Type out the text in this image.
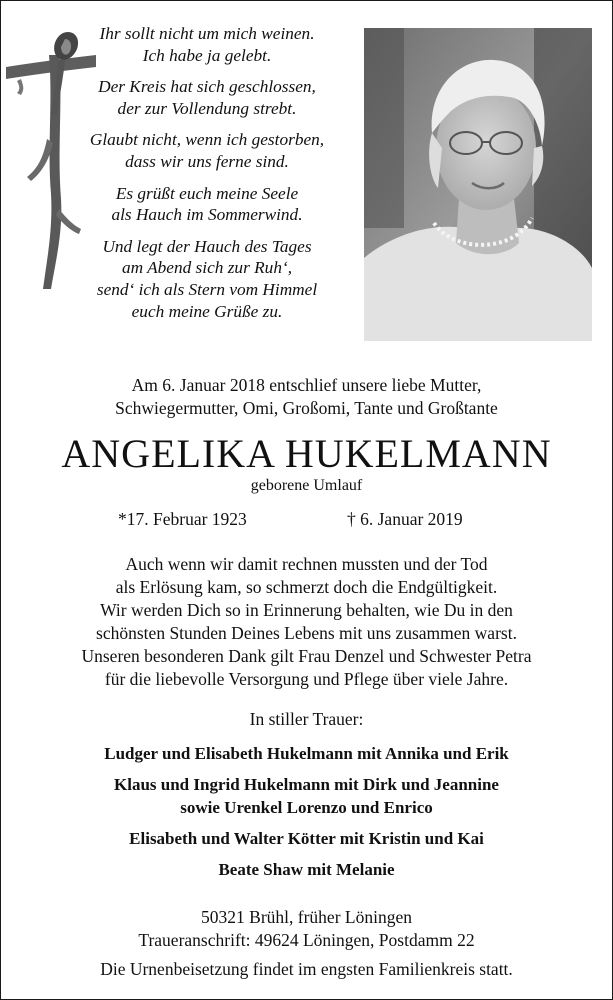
Ihr sollt nicht um mich weinen.
Ich habe ja gelebt.
Der Kreis hat sich geschlossen,
der zur Vollendung strebt.
Glaubt nicht, wenn ich gestorben,
dass wir uns ferne sind.
Es grüßt euch meine Seele
als Hauch im Sommerwind.
Und legt der Hauch des Tages
am Abend sich zur Ruh‘,
send‘ ich als Stern vom Himmel
euch meine Grüße zu.
Am 6. Januar 2018 entschlief unsere liebe Mutter,
Schwiegermutter, Omi, Großomi, Tante und Großtante
ANGELIKA HUKELMANN
geborene Umlauf
*17. Februar 1923	† 6. Januar 2019
Auch wenn wir damit rechnen mussten und der Tod
als Erlösung kam, so schmerzt doch die Endgültigkeit.
Wir werden Dich so in Erinnerung behalten, wie Du in den
schönsten Stunden Deines Lebens mit uns zusammen warst.
Unseren besonderen Dank gilt Frau Denzel und Schwester Petra
für die liebevolle Versorgung und Pflege über viele Jahre.
In stiller Trauer:
Ludger und Elisabeth Hukelmann mit Annika und Erik
Klaus und Ingrid Hukelmann mit Dirk und Jeannine
sowie Urenkel Lorenzo und Enrico
Elisabeth und Walter Kötter mit Kristin und Kai
Beate Shaw mit Melanie
50321 Brühl, früher Löningen
Traueranschrift: 49624 Löningen, Postdamm 22
Die Urnenbeisetzung findet im engsten Familienkreis statt.
